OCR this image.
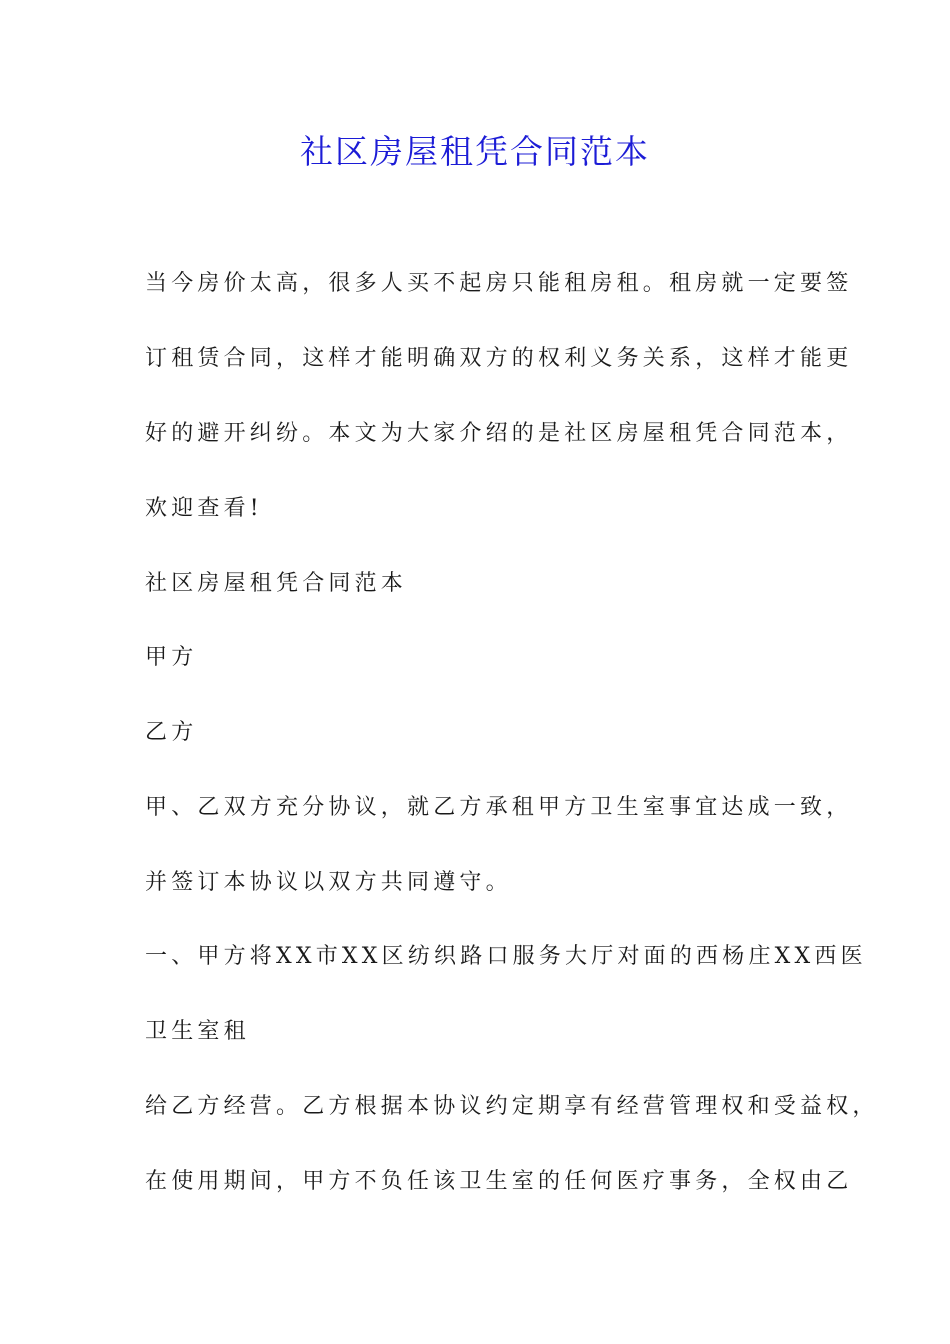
社区房屋租凭合同范本

当今房价太高，很多人买不起房只能租房租。租房就一定要签

订租赁合同，这样才能明确双方的权利义务关系，这样才能更

好的避开纠纷。本文为大家介绍的是社区房屋租凭合同范本，

欢迎查看!

社区房屋租凭合同范本

甲方

乙方

甲、乙双方充分协议，就乙方承租甲方卫生室事宜达成一致，

并签订本协议以双方共同遵守。

一、甲方将XX市XX区纺织路口服务大厅对面的西杨庄XX西医

卫生室租

给乙方经营。乙方根据本协议约定期享有经营管理权和受益权，

在使用期间，甲方不负任该卫生室的任何医疗事务，全权由乙
